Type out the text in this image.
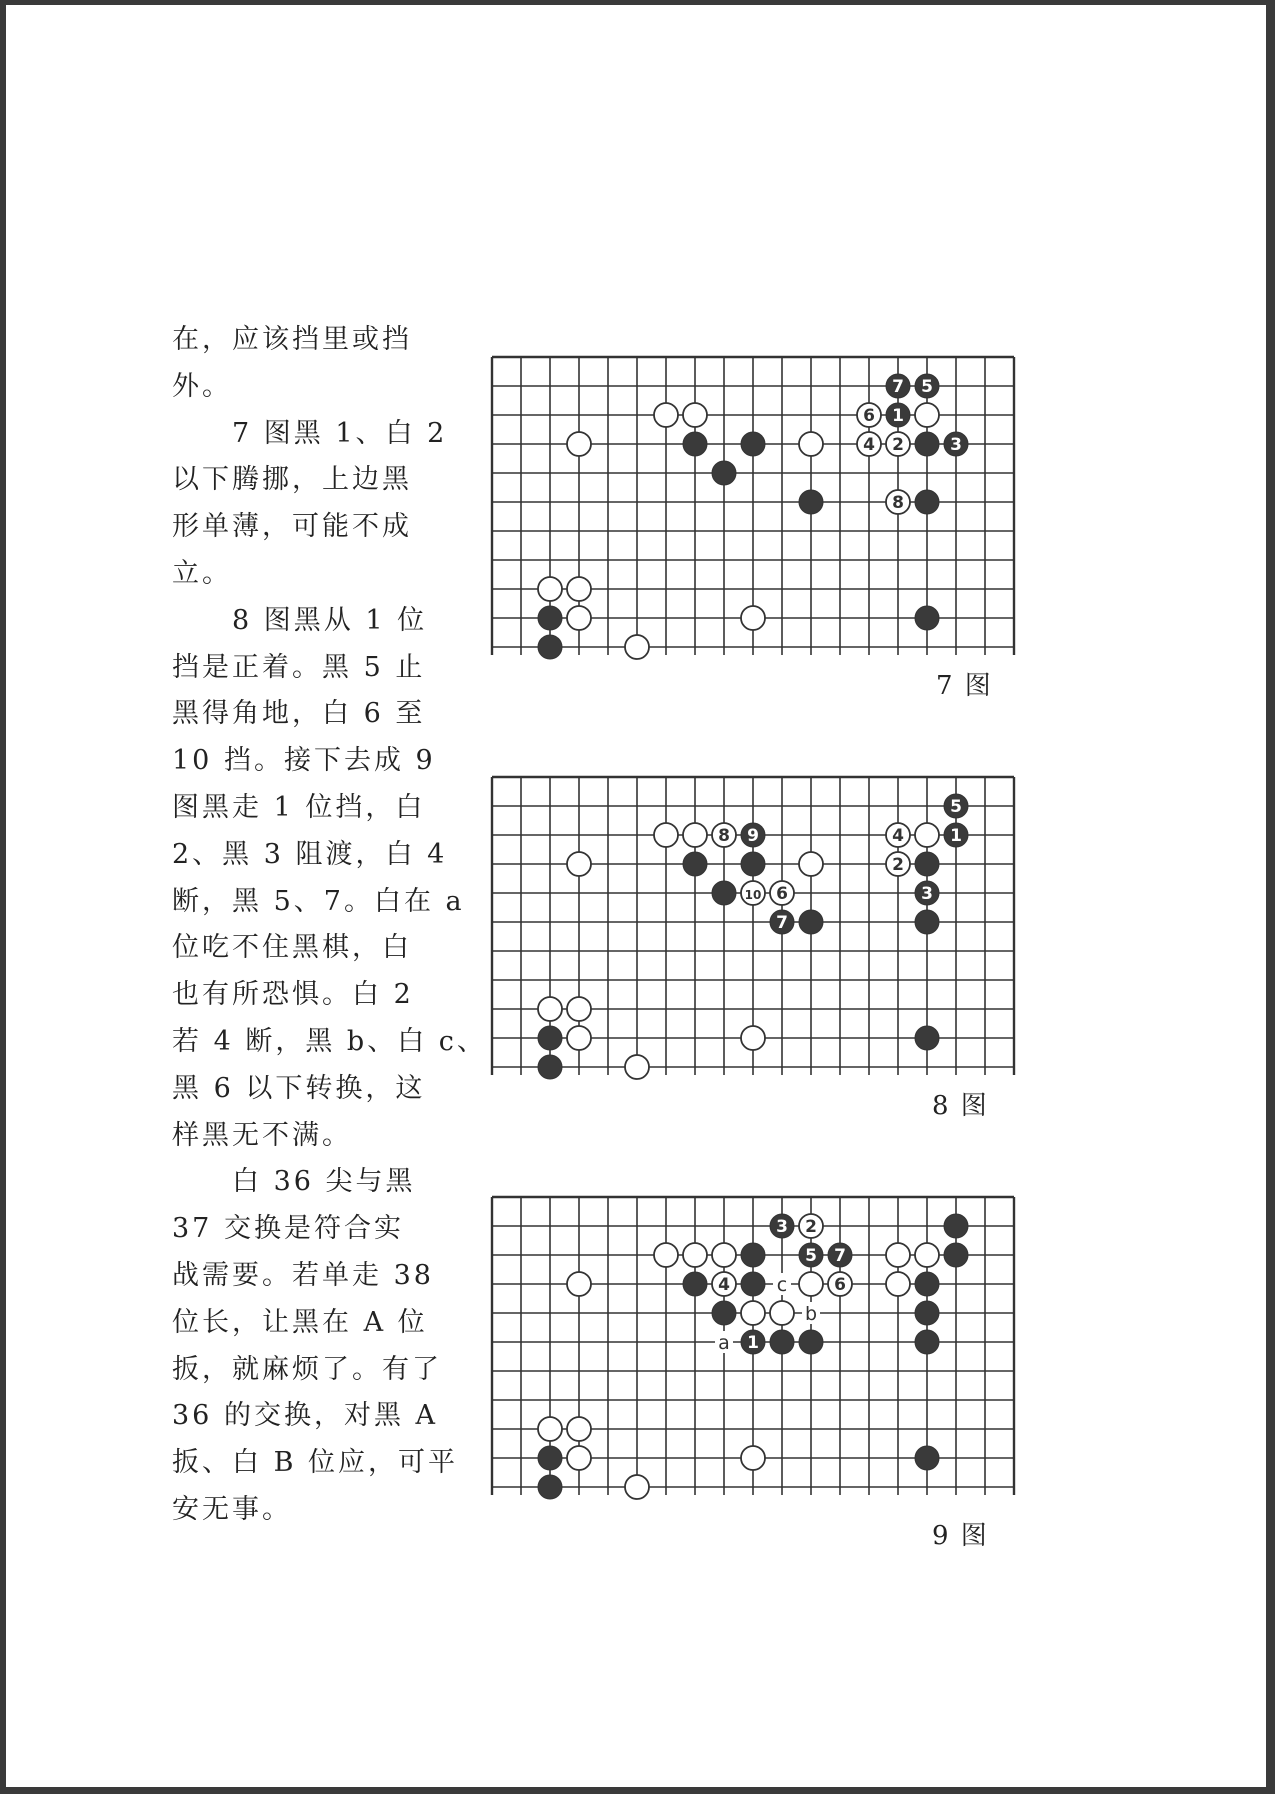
在，应该挡里或挡
外。
　　7 图黑 1、白 2
以下腾挪，上边黑
形单薄，可能不成
立。
　　8 图黑从 1 位
挡是正着。黑 5 止
黑得角地，白 6 至
10 挡。接下去成 9
图黑走 1 位挡，白
2、黑 3 阻渡，白 4
断，黑 5、7。白在 a
位吃不住黑棋，白
也有所恐惧。白 2
若 4 断，黑 b、白 c、
黑 6 以下转换，这
样黑无不满。
　　白 36 尖与黑
37 交换是符合实
战需要。若单走 38
位长，让黑在 A 位
扳，就麻烦了。有了
36 的交换，对黑 A
扳、白 B 位应，可平
安无事。
7 5
6 1
4 2	3
8
7 图
5
8 9	4	1
2
10 6	3
7
8 图
3 2
5 7
4	6
1
c
b
a
9 图
